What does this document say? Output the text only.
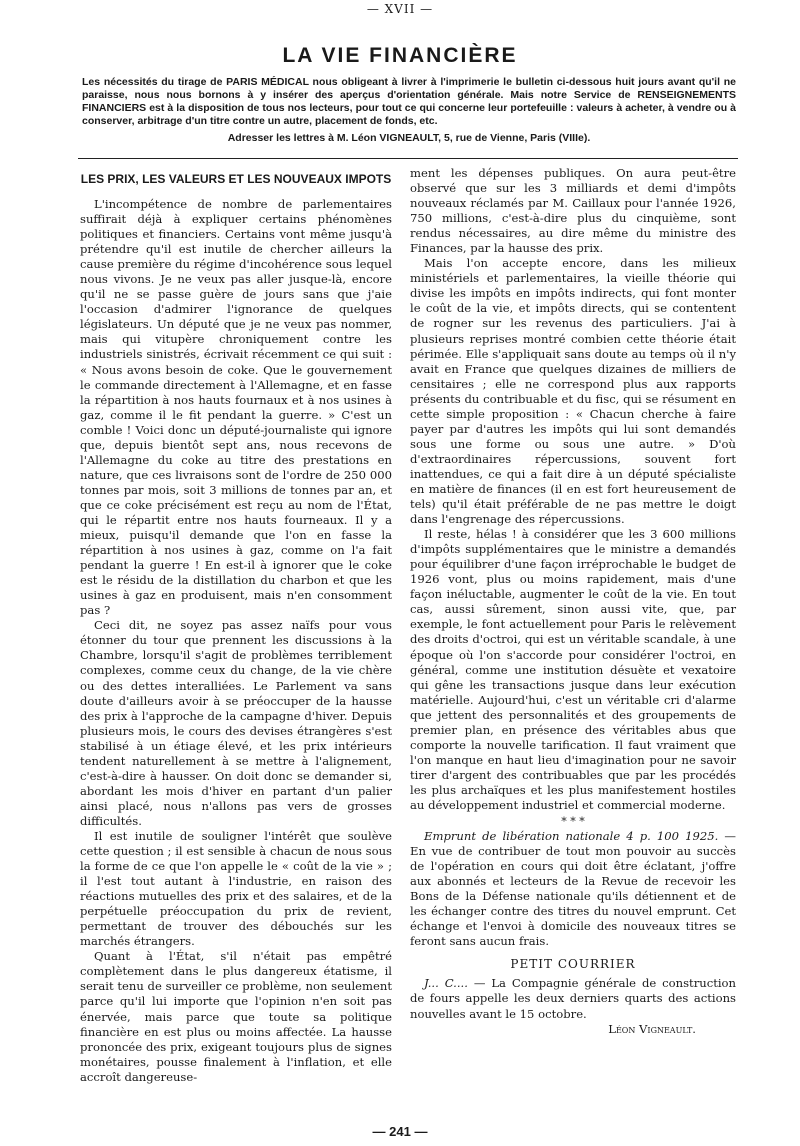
— XVII —
LA VIE FINANCIÈRE

Les nécessités du tirage de PARIS MÉDICAL nous obligeant à livrer à l'imprimerie le bulletin ci-dessous huit jours avant qu'il ne paraisse, nous nous bornons à y insérer des aperçus d'orientation générale. Mais notre Service de RENSEIGNEMENTS FINANCIERS est à la disposition de tous nos lecteurs, pour tout ce qui concerne leur portefeuille : valeurs à acheter, à vendre ou à conserver, arbitrage d'un titre contre un autre, placement de fonds, etc.

Adresser les lettres à M. Léon VIGNEAULT, 5, rue de Vienne, Paris (VIIIe).

LES PRIX, LES VALEURS ET LES NOUVEAUX IMPOTS

L'incompétence de nombre de parlementaires suffirait déjà à expliquer certains phénomènes politiques et financiers. Certains vont même jusqu'à prétendre qu'il est inutile de chercher ailleurs la cause première du régime d'incohérence sous lequel nous vivons. Je ne veux pas aller jusque-là, encore qu'il ne se passe guère de jours sans que j'aie l'occasion d'admirer l'ignorance de quelques législateurs. Un député que je ne veux pas nommer, mais qui vitupère chroniquement contre les industriels sinistrés, écrivait récemment ce qui suit : « Nous avons besoin de coke. Que le gouvernement le commande directement à l'Allemagne, et en fasse la répartition à nos hauts fournaux et à nos usines à gaz, comme il le fit pendant la guerre. » C'est un comble ! Voici donc un député-journaliste qui ignore que, depuis bientôt sept ans, nous recevons de l'Allemagne du coke au titre des prestations en nature, que ces livraisons sont de l'ordre de 250 000 tonnes par mois, soit 3 millions de tonnes par an, et que ce coke précisément est reçu au nom de l'État, qui le répartit entre nos hauts fourneaux. Il y a mieux, puisqu'il demande que l'on en fasse la répartition à nos usines à gaz, comme on l'a fait pendant la guerre ! En est-il à ignorer que le coke est le résidu de la distillation du charbon et que les usines à gaz en produisent, mais n'en consomment pas ?

Ceci dit, ne soyez pas assez naïfs pour vous étonner du tour que prennent les discussions à la Chambre, lorsqu'il s'agit de problèmes terriblement complexes, comme ceux du change, de la vie chère ou des dettes interalliées. Le Parlement va sans doute d'ailleurs avoir à se préoccuper de la hausse des prix à l'approche de la campagne d'hiver. Depuis plusieurs mois, le cours des devises étrangères s'est stabilisé à un étiage élevé, et les prix intérieurs tendent naturellement à se mettre à l'alignement, c'est-à-dire à hausser. On doit donc se demander si, abordant les mois d'hiver en partant d'un palier ainsi placé, nous n'allons pas vers de grosses difficultés.

Il est inutile de souligner l'intérêt que soulève cette question ; il est sensible à chacun de nous sous la forme de ce que l'on appelle le « coût de la vie » ; il l'est tout autant à l'industrie, en raison des réactions mutuelles des prix et des salaires, et de la perpétuelle préoccupation du prix de revient, permettant de trouver des débouchés sur les marchés étrangers.

Quant à l'État, s'il n'était pas empêtré complètement dans le plus dangereux étatisme, il serait tenu de surveiller ce problème, non seulement parce qu'il lui importe que l'opinion n'en soit pas énervée, mais parce que toute sa politique financière en est plus ou moins affectée. La hausse prononcée des prix, exigeant toujours plus de signes monétaires, pousse finalement à l'inflation, et elle accroît dangereuse-

ment les dépenses publiques. On aura peut-être observé que sur les 3 milliards et demi d'impôts nouveaux réclamés par M. Caillaux pour l'année 1926, 750 millions, c'est-à-dire plus du cinquième, sont rendus nécessaires, au dire même du ministre des Finances, par la hausse des prix.

Mais l'on accepte encore, dans les milieux ministériels et parlementaires, la vieille théorie qui divise les impôts en impôts indirects, qui font monter le coût de la vie, et impôts directs, qui se contentent de rogner sur les revenus des particuliers. J'ai à plusieurs reprises montré combien cette théorie était périmée. Elle s'appliquait sans doute au temps où il n'y avait en France que quelques dizaines de milliers de censitaires ; elle ne correspond plus aux rapports présents du contribuable et du fisc, qui se résument en cette simple proposition : « Chacun cherche à faire payer par d'autres les impôts qui lui sont demandés sous une forme ou sous une autre. » D'où d'extraordinaires répercussions, souvent fort inattendues, ce qui a fait dire à un député spécialiste en matière de finances (il en est fort heureusement de tels) qu'il était préférable de ne pas mettre le doigt dans l'engrenage des répercussions.

Il reste, hélas ! à considérer que les 3 600 millions d'impôts supplémentaires que le ministre a demandés pour équilibrer d'une façon irréprochable le budget de 1926 vont, plus ou moins rapidement, mais d'une façon inéluctable, augmenter le coût de la vie. En tout cas, aussi sûrement, sinon aussi vite, que, par exemple, le font actuellement pour Paris le relèvement des droits d'octroi, qui est un véritable scandale, à une époque où l'on s'accorde pour considérer l'octroi, en général, comme une institution désuète et vexatoire qui gêne les transactions jusque dans leur exécution matérielle. Aujourd'hui, c'est un véritable cri d'alarme que jettent des personnalités et des groupements de premier plan, en présence des véritables abus que comporte la nouvelle tarification. Il faut vraiment que l'on manque en haut lieu d'imagination pour ne savoir tirer d'argent des contribuables que par les procédés les plus archaïques et les plus manifestement hostiles au développement industriel et commercial moderne.

* * *

Emprunt de libération nationale 4 p. 100 1925. — En vue de contribuer de tout mon pouvoir au succès de l'opération en cours qui doit être éclatant, j'offre aux abonnés et lecteurs de la Revue de recevoir les Bons de la Défense nationale qu'ils détiennent et de les échanger contre des titres du nouvel emprunt. Cet échange et l'envoi à domicile des nouveaux titres se feront sans aucun frais.

PETIT COURRIER

J... C.... — La Compagnie générale de construction de fours appelle les deux derniers quarts des actions nouvelles avant le 15 octobre.

Léon Vigneault.
— 241 —
